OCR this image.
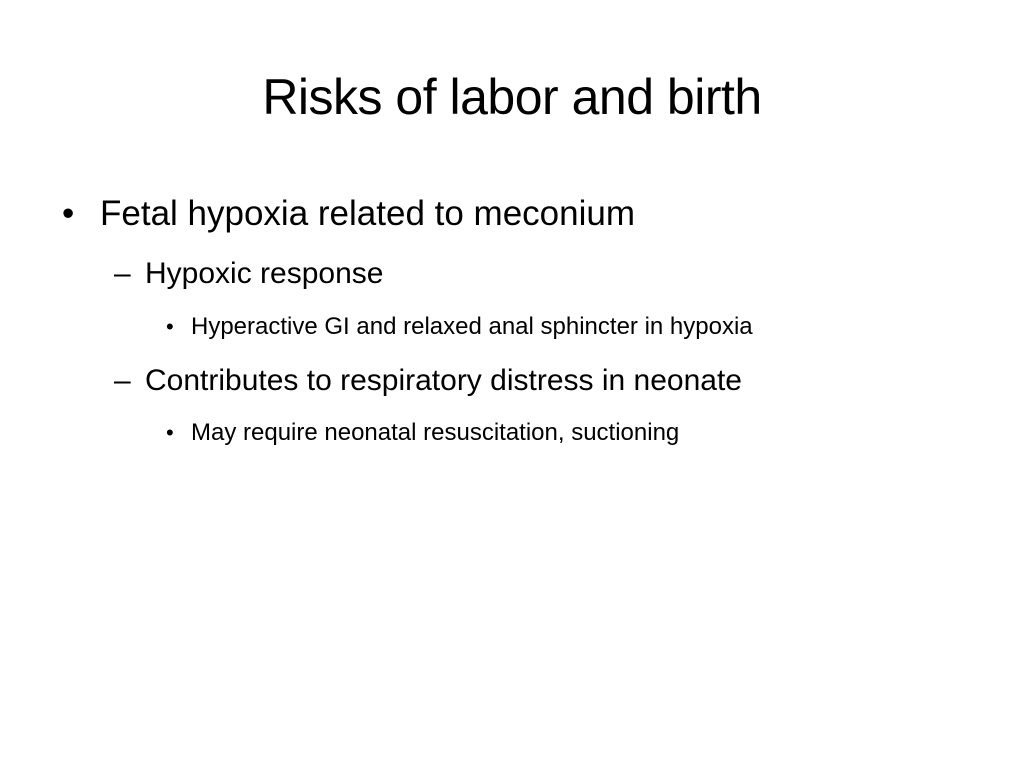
Risks of labor and birth
• Fetal hypoxia related to meconium
– Hypoxic response
• Hyperactive GI and relaxed anal sphincter in hypoxia
– Contributes to respiratory distress in neonate
• May require neonatal resuscitation, suctioning
